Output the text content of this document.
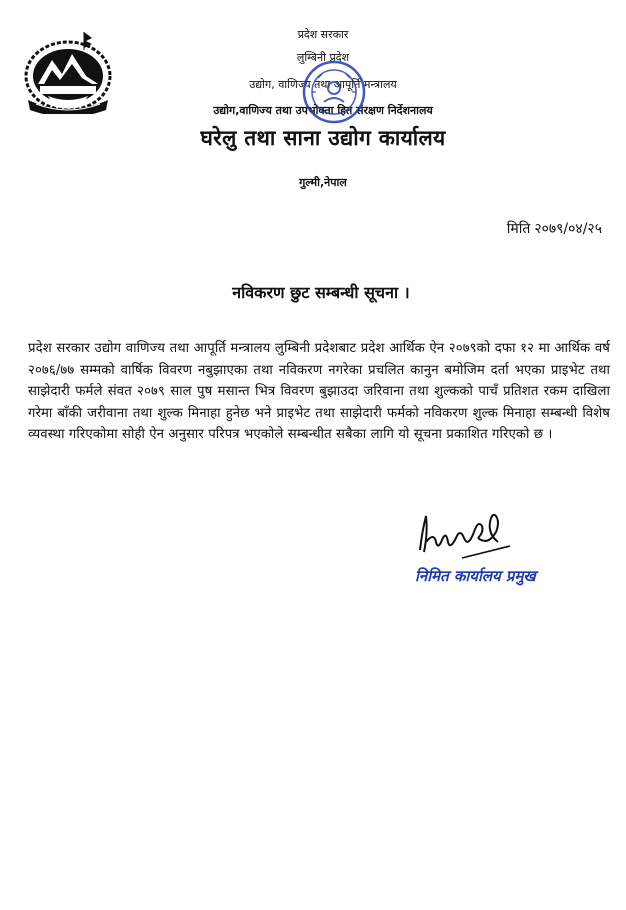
प्रदेश सरकार
लुम्बिनी प्रदेश
उद्योग, वाणिज्य तथा आपूर्ति मन्त्रालय
उद्योग,वाणिज्य तथा उपभोक्ता हित संरक्षण निर्देशनालय
घरेलु तथा साना उद्योग कार्यालय
गुल्मी,नेपाल
मिति २०७९/०४/२५
नविकरण छुट सम्बन्धी सूचना ।
प्रदेश सरकार उद्योग वाणिज्य तथा आपूर्ति मन्त्रालय लुम्बिनी प्रदेशबाट प्रदेश आर्थिक ऐन २०७९को दफा १२ मा आर्थिक वर्ष २०७६/७७ सम्मको वार्षिक विवरण नबुझाएका तथा नविकरण नगरेका प्रचलित कानुन बमोजिम दर्ता भएका प्राइभेट तथा साझेदारी फर्मले संवत २०७९ साल पुष मसान्त भित्र विवरण बुझाउदा जरिवाना तथा शुल्कको पाचँ प्रतिशत रकम दाखिला गरेमा बाँकी जरीवाना तथा शुल्क मिनाहा हुनेछ भने प्राइभेट तथा साझेदारी फर्मको नविकरण शुल्क मिनाहा सम्बन्धी विशेष व्यवस्था गरिएकोमा सोही ऐन अनुसार परिपत्र भएकोले सम्बन्धीत सबैका लागि यो सूचना प्रकाशित गरिएको छ ।
निमित कार्यालय प्रमुख
